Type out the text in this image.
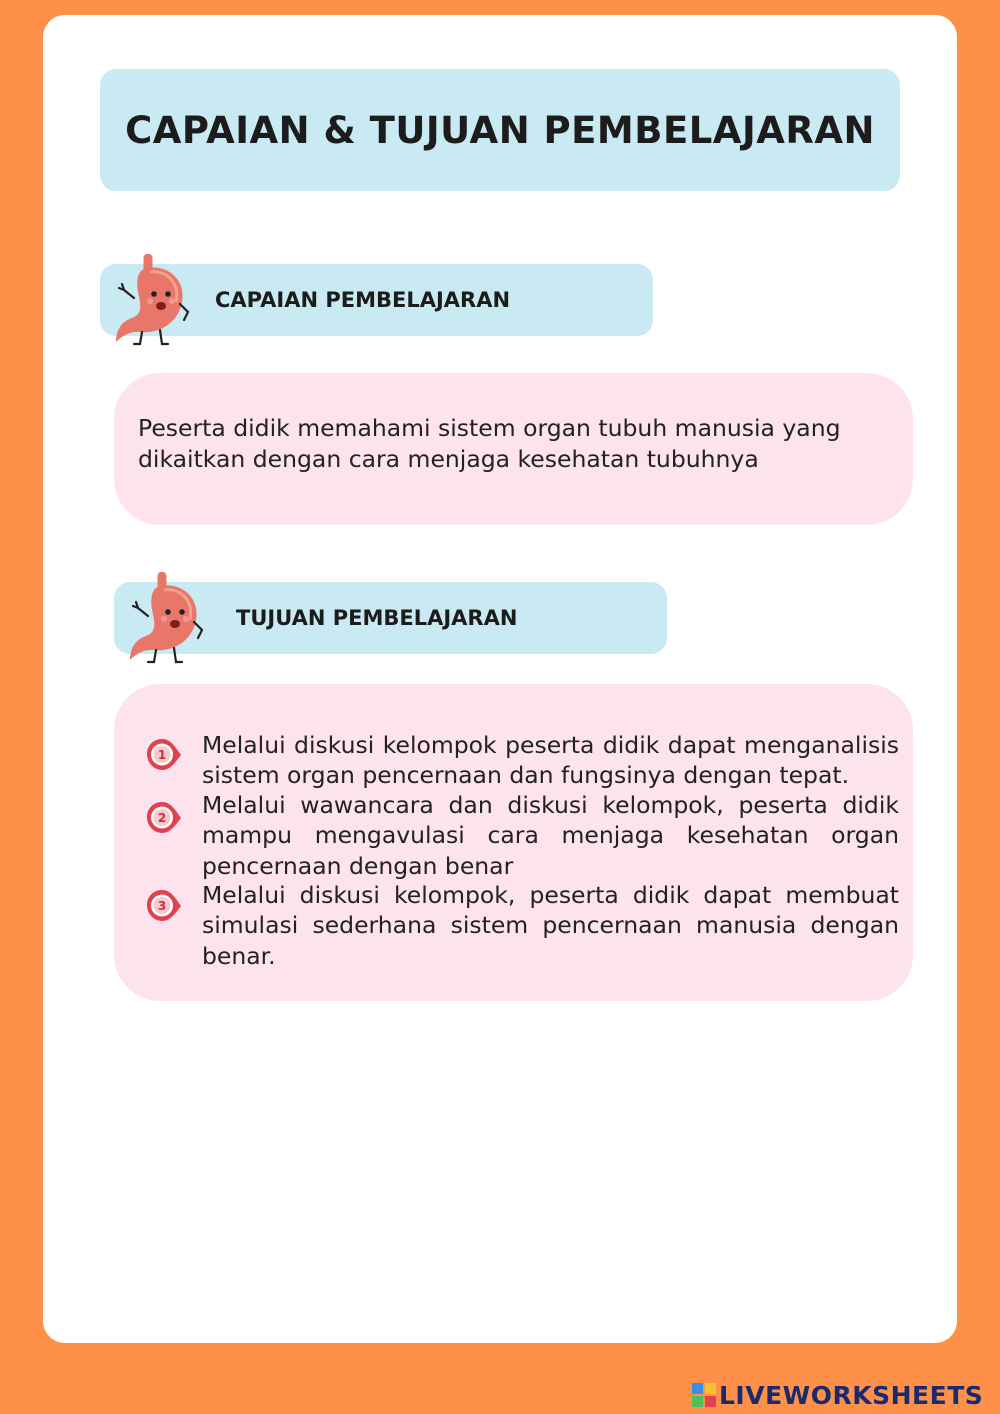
CAPAIAN & TUJUAN PEMBELAJARAN
CAPAIAN PEMBELAJARAN
Peserta didik memahami sistem organ tubuh manusia yang dikaitkan dengan cara menjaga kesehatan tubuhnya
TUJUAN PEMBELAJARAN
1 Melalui diskusi kelompok peserta didik dapat menganalisis sistem organ pencernaan dan fungsinya dengan tepat.
2 Melalui wawancara dan diskusi kelompok, peserta didik mampu mengavulasi cara menjaga kesehatan organ pencernaan dengan benar
3 Melalui diskusi kelompok, peserta didik dapat membuat simulasi sederhana sistem pencernaan manusia dengan benar.
LIVEWORKSHEETS
